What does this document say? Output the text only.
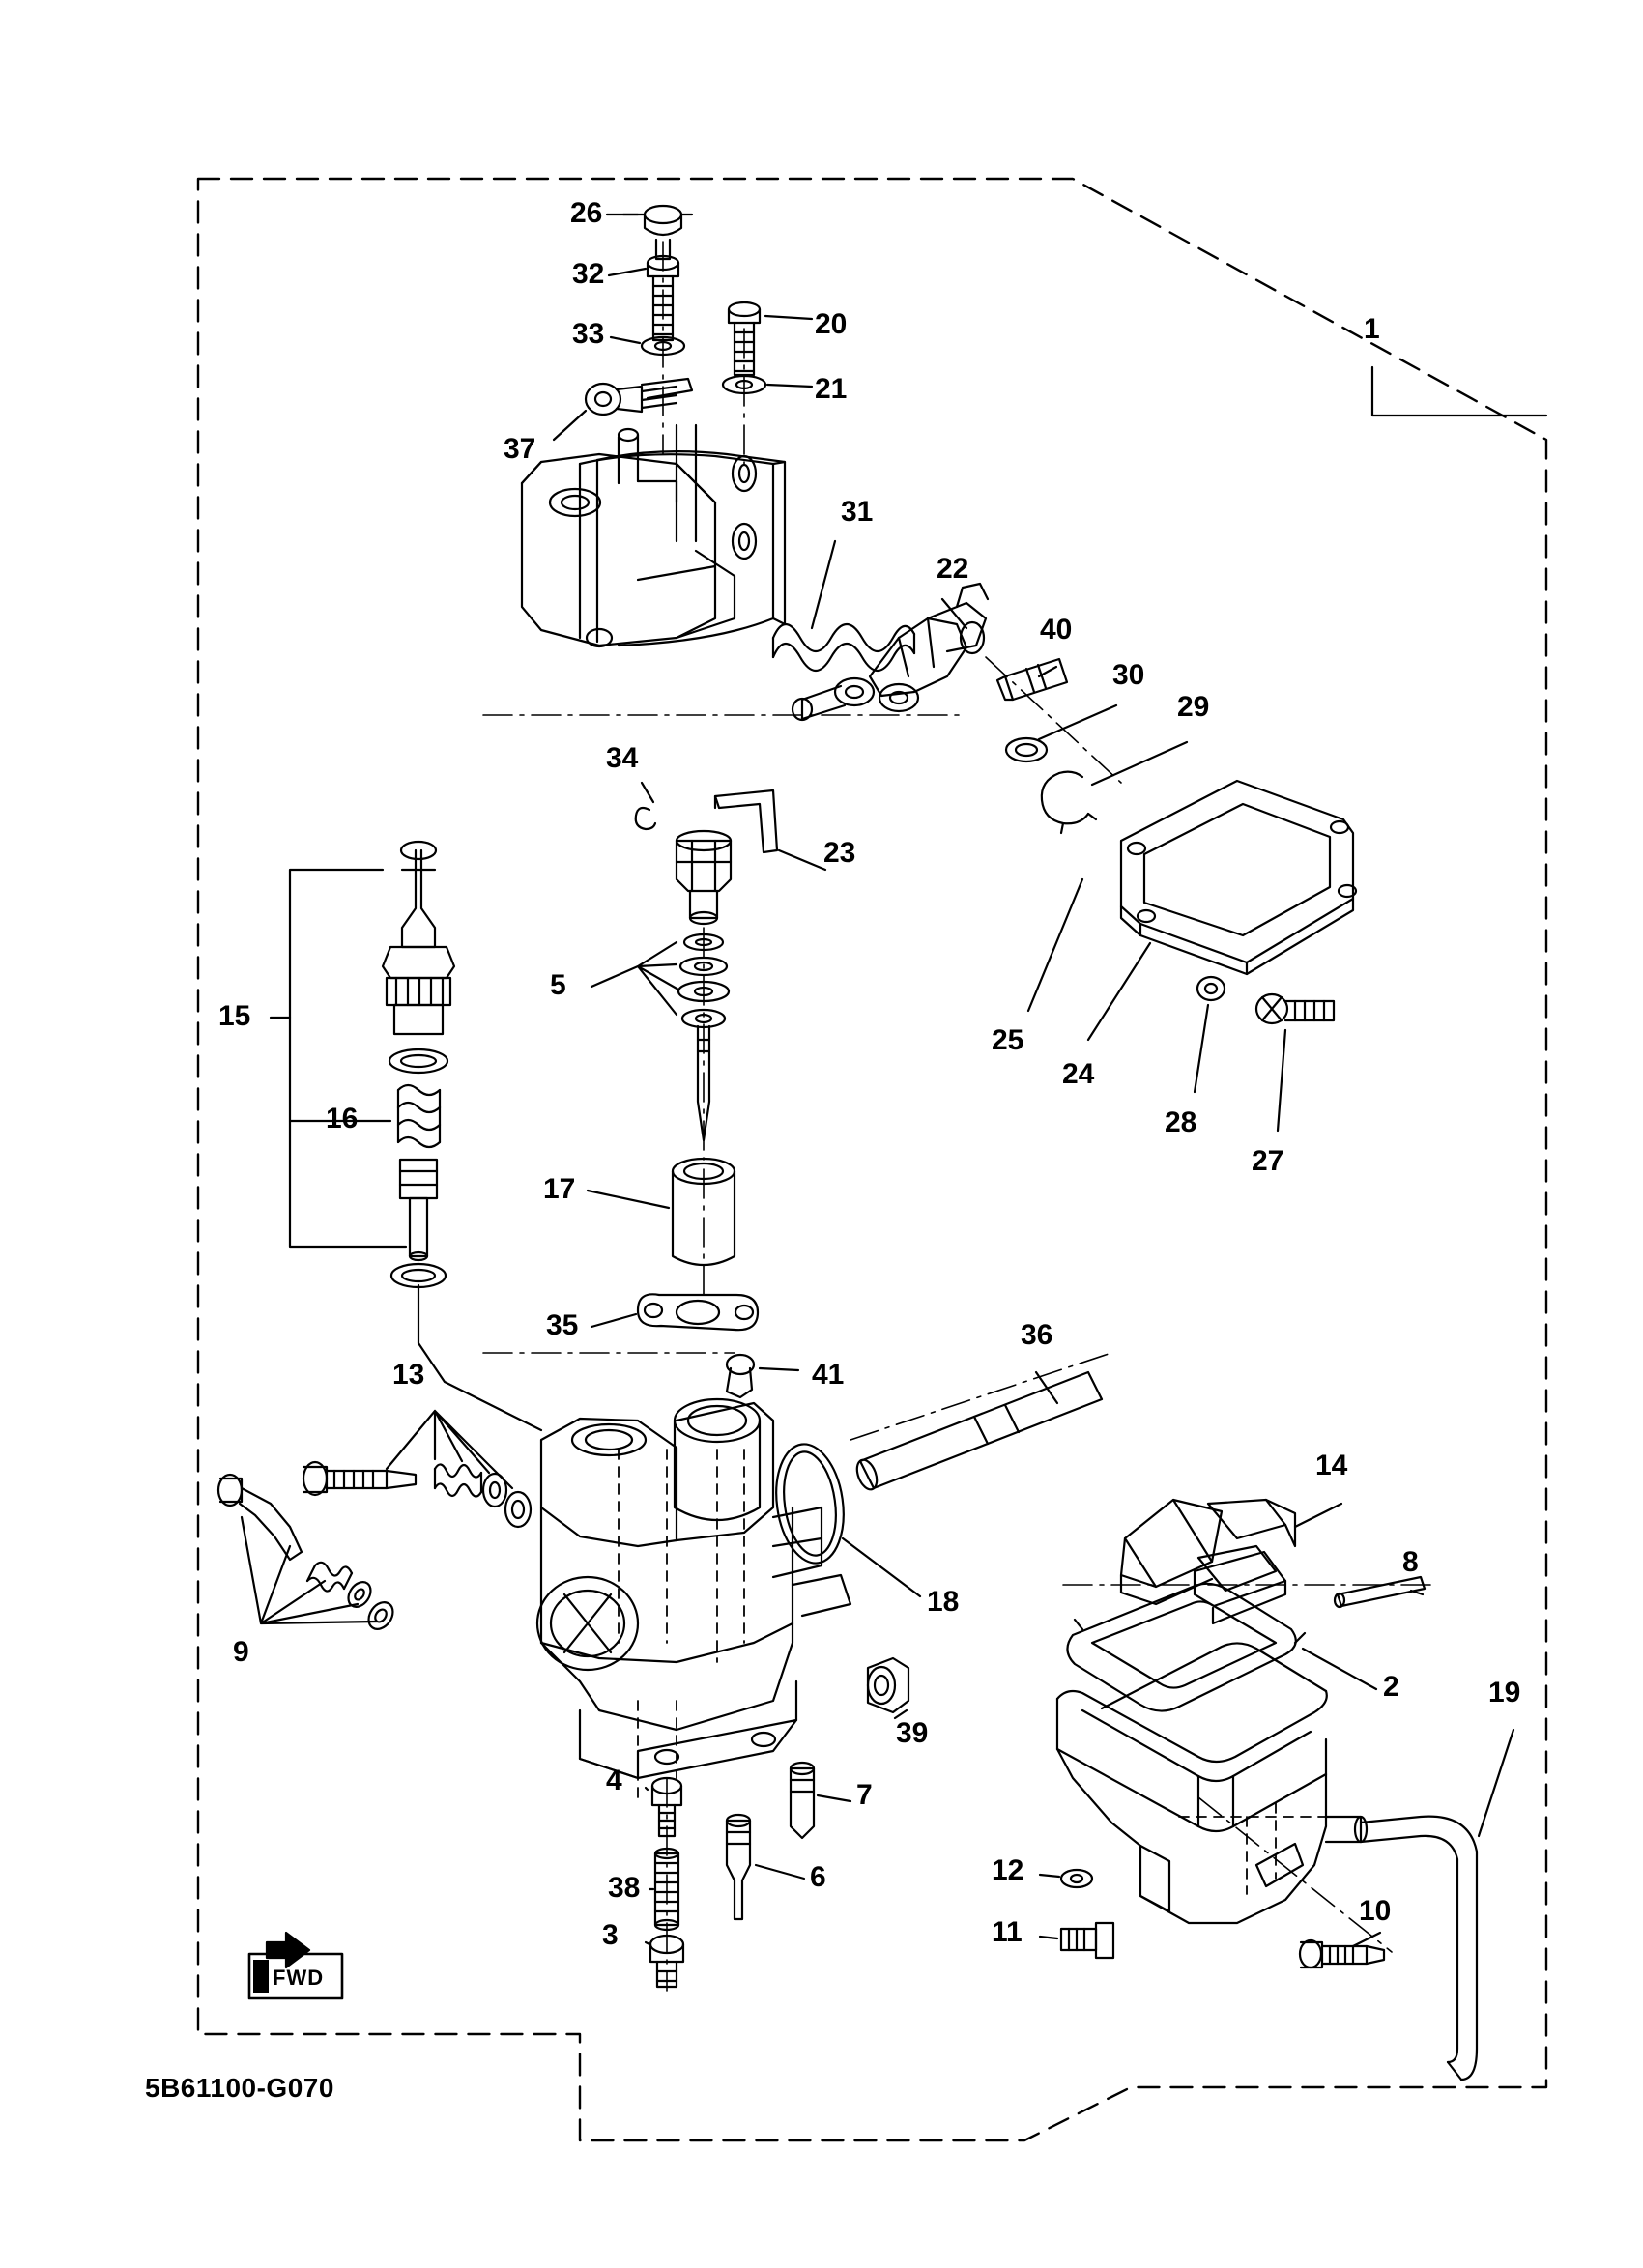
1
2
3
4
5
6
7
8
9
10
11
12
13
14
15
16
17
18
19
20
21
22
23
24
25
26
27
28
29
30
31
32
33
34
35	36
37
38
39
40
41
5B61100-G070
FWD
